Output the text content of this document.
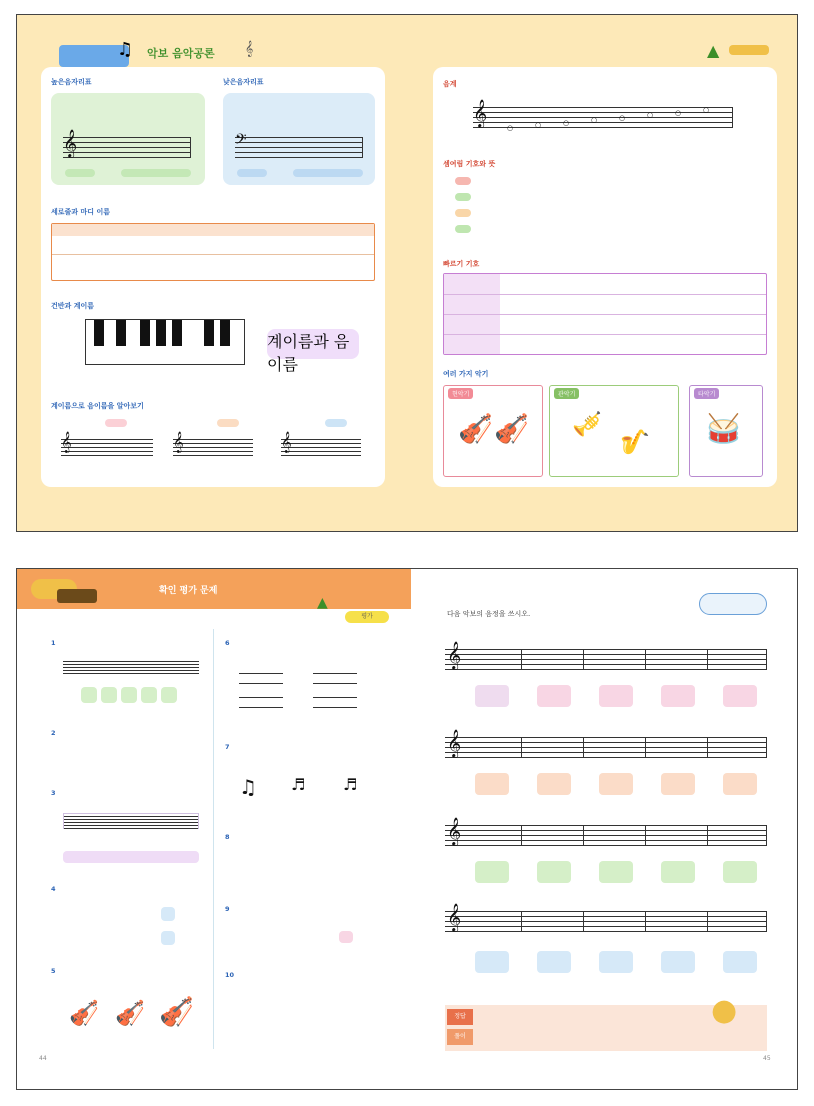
♫ 악보 음악공론 𝄞	▲
높은음자리표	낮은음자리표
𝄞	𝄢
세로줄과 마디 이름
건반과 계이름
계이름과 음이름
계이름으로 음이름을 알아보기
𝄞	𝄞	𝄞
음계
𝄞
○	○	○	○	○	○	○	○
셈여림 기호와 뜻
빠르기 기호
여러 가지 악기
현악기
🎻 🎻
관악기
🎺
🎷
타악기
🥁
확인 평가 문제
▲
평가
1
2
3
4
5
🎻 🎻 🎻
44
6
7
♫ ♬ ♬
8
9
10
다음 악보의 음정을 쓰시오.
𝄞
𝄞
𝄞
𝄞
정답
풀이
●
45
